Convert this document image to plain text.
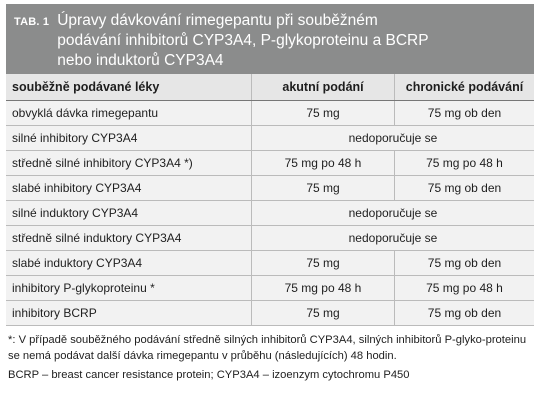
TAB. 1 Úpravy dávkování rimegepantu při souběžném
podávání inhibitorů CYP3A4, P-glykoproteinu a BCRP
nebo induktorů CYP3A4
souběžně podávané léky	akutní podání	chronické podávání
obvyklá dávka rimegepantu	75 mg	75 mg ob den
silné inhibitory CYP3A4	nedoporučuje se	
středně silné inhibitory CYP3A4 *)	75 mg po 48 h	75 mg po 48 h
slabé inhibitory CYP3A4	75 mg	75 mg ob den
silné induktory CYP3A4	nedoporučuje se	
středně silné induktory CYP3A4	nedoporučuje se	
slabé induktory CYP3A4	75 mg	75 mg ob den
inhibitory P-glykoproteinu *	75 mg po 48 h	75 mg po 48 h
inhibitory BCRP	75 mg	75 mg ob den

*: V případě souběžného podávání středně silných inhibitorů CYP3A4, silných inhibitorů P-glyko-proteinu se nemá podávat další dávka rimegepantu v průběhu (následujících) 48 hodin.

BCRP – breast cancer resistance protein; CYP3A4 – izoenzym cytochromu P450
